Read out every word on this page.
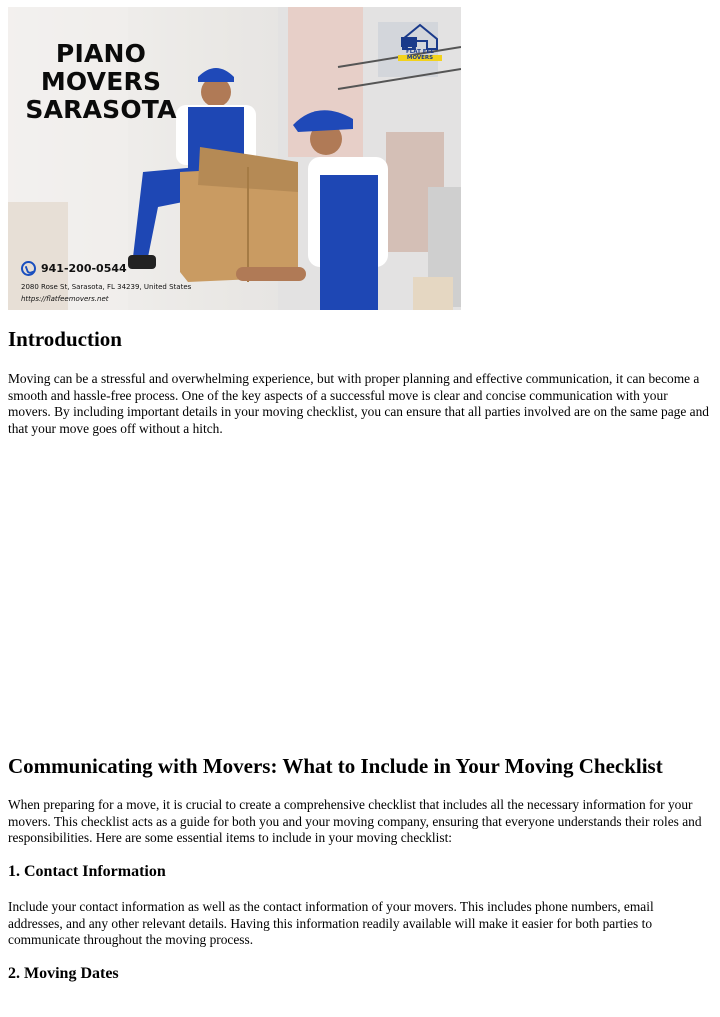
PIANO
MOVERS
SARASOTA
FLAT FEE
MOVERS
941-200-0544
2080 Rose St, Sarasota, FL 34239, United States
https://flatfeemovers.net
Introduction

Moving can be a stressful and overwhelming experience, but with proper planning and effective communication, it can become a smooth and hassle-free process. One of the key aspects of a successful move is clear and concise communication with your movers. By including important details in your moving checklist, you can ensure that all parties involved are on the same page and that your move goes off without a hitch.

Communicating with Movers: What to Include in Your Moving Checklist

When preparing for a move, it is crucial to create a comprehensive checklist that includes all the necessary information for your movers. This checklist acts as a guide for both you and your moving company, ensuring that everyone understands their roles and responsibilities. Here are some essential items to include in your moving checklist:

1. Contact Information

Include your contact information as well as the contact information of your movers. This includes phone numbers, email addresses, and any other relevant details. Having this information readily available will make it easier for both parties to communicate throughout the moving process.

2. Moving Dates
